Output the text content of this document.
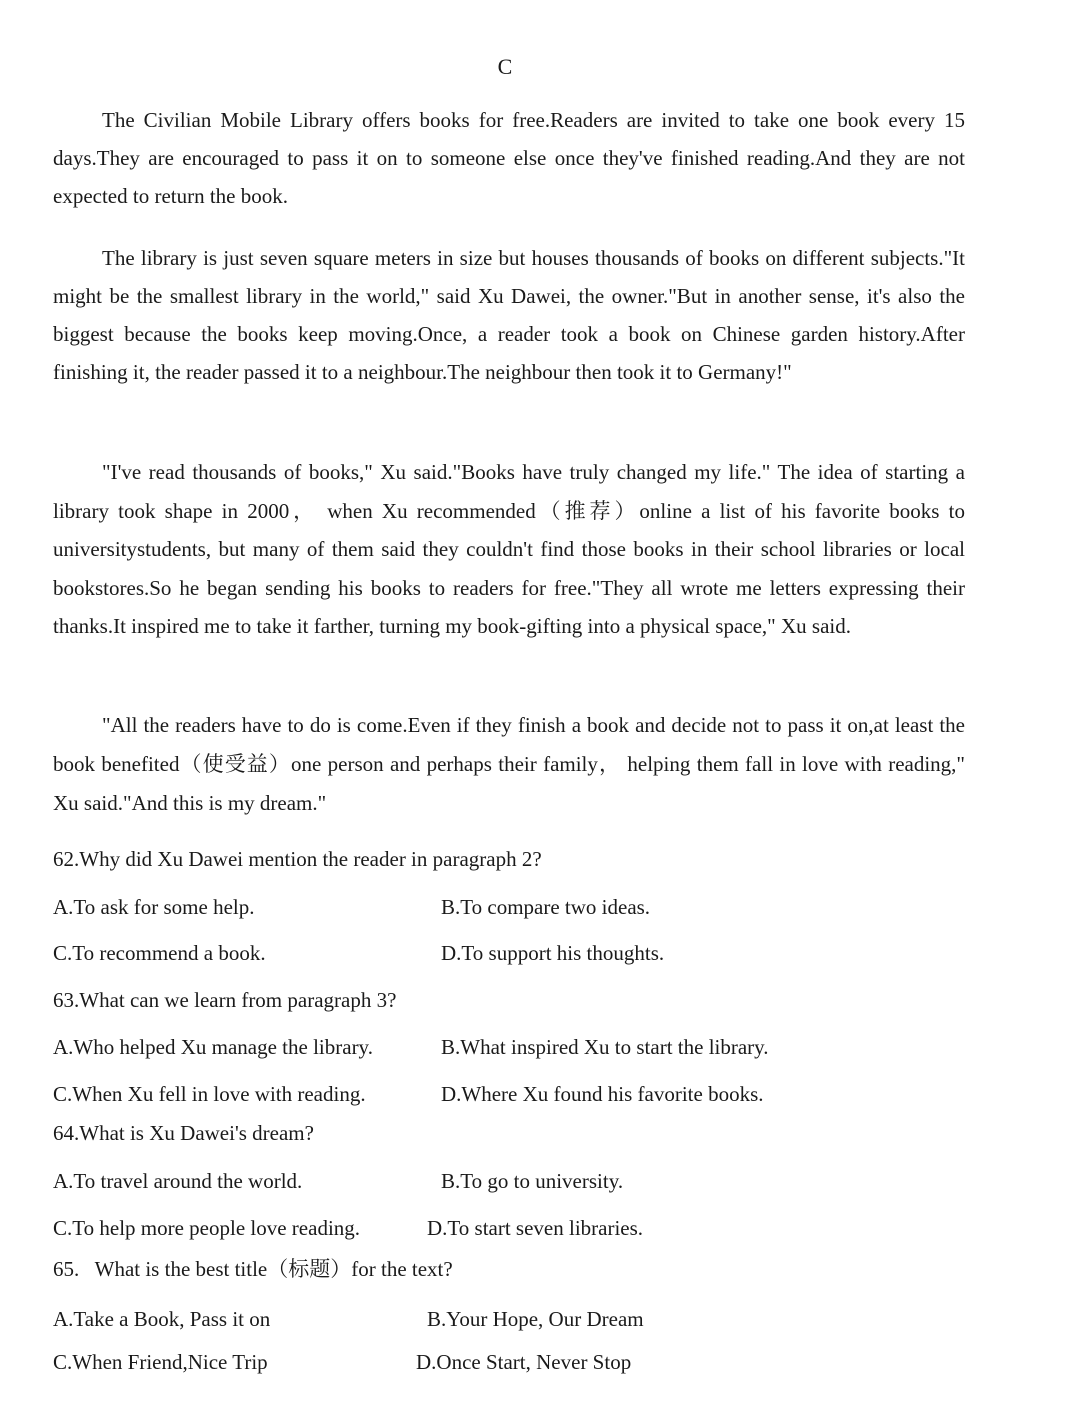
C

The Civilian Mobile Library offers books for free.Readers are invited to take one book every 15 days.They are encouraged to pass it on to someone else once they've finished reading.And they are not expected to return the book.

The library is just seven square meters in size but houses thousands of books on different subjects."It might be the smallest library in the world," said Xu Dawei, the owner."But in another sense, it's also the biggest because the books keep moving.Once, a reader took a book on Chinese garden history.After finishing it, the reader passed it to a neighbour.The neighbour then took it to Germany!"

"I've read thousands of books," Xu said."Books have truly changed my life." The idea of starting a library took shape in 2000， when Xu recommended（推荐）online a list of his favorite books to universitystudents, but many of them said they couldn't find those books in their school libraries or local bookstores.So he began sending his books to readers for free."They all wrote me letters expressing their thanks.It inspired me to take it farther, turning my book-gifting into a physical space," Xu said.

"All the readers have to do is come.Even if they finish a book and decide not to pass it on,at least the book benefited（使受益）one person and perhaps their family， helping them fall in love with reading," Xu said."And this is my dream."

62.Why did Xu Dawei mention the reader in paragraph 2?
A.To ask for some help.	B.To compare two ideas.
C.To recommend a book.	D.To support his thoughts.
63.What can we learn from paragraph 3?
A.Who helped Xu manage the library.	B.What inspired Xu to start the library.
C.When Xu fell in love with reading.	D.Where Xu found his favorite books.
64.What is Xu Dawei's dream?
A.To travel around the world.	B.To go to university.
C.To help more people love reading.	D.To start seven libraries.
65.   What is the best title（标题）for the text?
A.Take a Book, Pass it on	B.Your Hope, Our Dream
C.When Friend,Nice Trip	D.Once Start, Never Stop
